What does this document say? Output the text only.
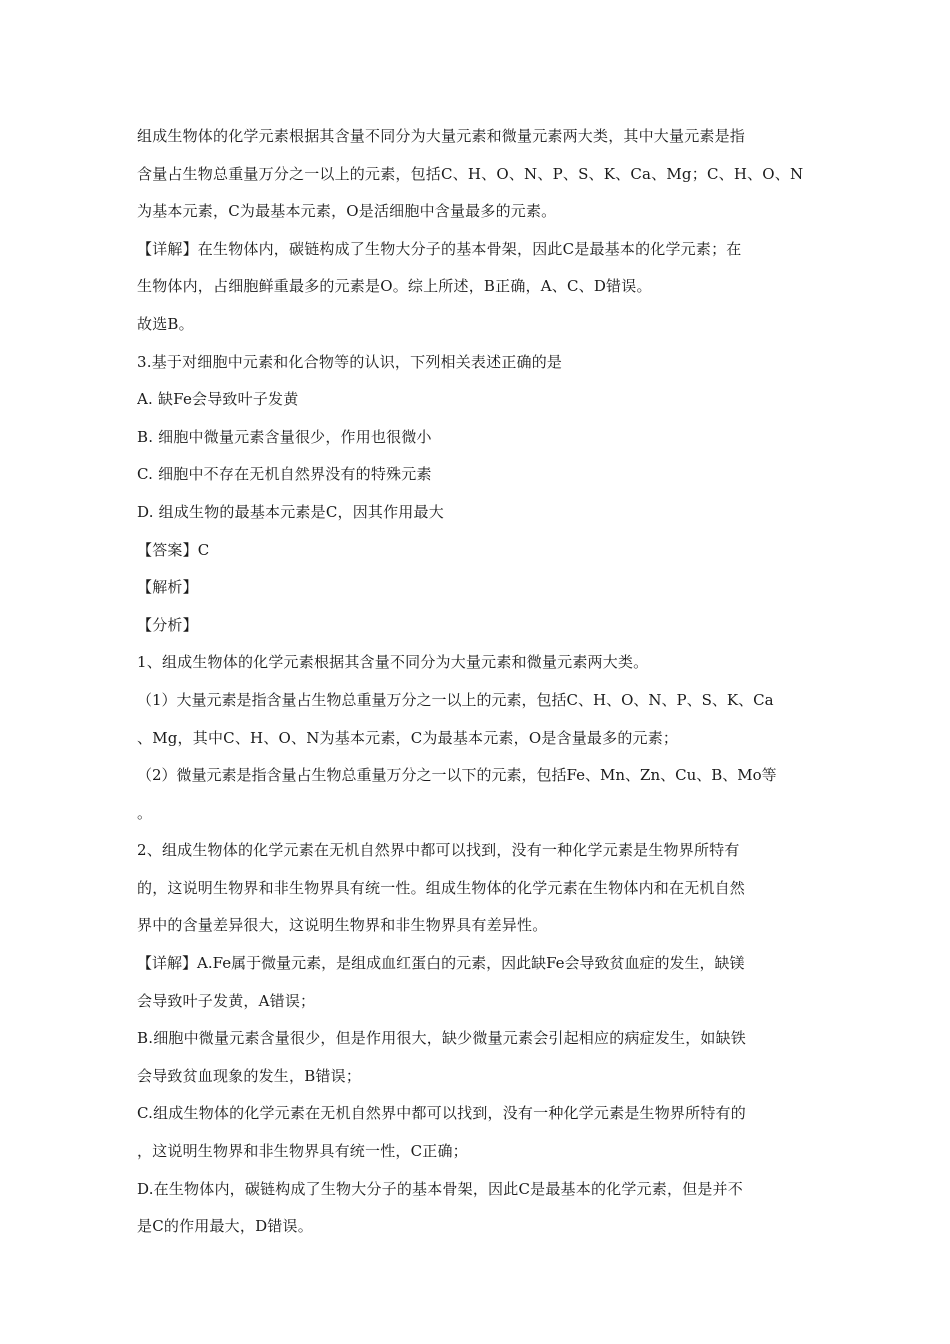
组成生物体的化学元素根据其含量不同分为大量元素和微量元素两大类，其中大量元素是指
含量占生物总重量万分之一以上的元素，包括C、H、O、N、P、S、K、Ca、Mg；C、H、O、N
为基本元素，C为最基本元素，O是活细胞中含量最多的元素。
【详解】在生物体内，碳链构成了生物大分子的基本骨架，因此C是最基本的化学元素；在
生物体内，占细胞鲜重最多的元素是O。综上所述，B正确，A、C、D错误。
故选B。
3.基于对细胞中元素和化合物等的认识，下列相关表述正确的是
A. 缺Fe会导致叶子发黄
B. 细胞中微量元素含量很少，作用也很微小
C. 细胞中不存在无机自然界没有的特殊元素
D. 组成生物的最基本元素是C，因其作用最大
【答案】C
【解析】
【分析】
1、组成生物体的化学元素根据其含量不同分为大量元素和微量元素两大类。
（1）大量元素是指含量占生物总重量万分之一以上的元素，包括C、H、O、N、P、S、K、Ca
、Mg，其中C、H、O、N为基本元素，C为最基本元素，O是含量最多的元素；
（2）微量元素是指含量占生物总重量万分之一以下的元素，包括Fe、Mn、Zn、Cu、B、Mo等
。
2、组成生物体的化学元素在无机自然界中都可以找到，没有一种化学元素是生物界所特有
的，这说明生物界和非生物界具有统一性。组成生物体的化学元素在生物体内和在无机自然
界中的含量差异很大，这说明生物界和非生物界具有差异性。
【详解】A.Fe属于微量元素，是组成血红蛋白的元素，因此缺Fe会导致贫血症的发生，缺镁
会导致叶子发黄，A错误；
B.细胞中微量元素含量很少，但是作用很大，缺少微量元素会引起相应的病症发生，如缺铁
会导致贫血现象的发生，B错误；
C.组成生物体的化学元素在无机自然界中都可以找到，没有一种化学元素是生物界所特有的
，这说明生物界和非生物界具有统一性，C正确；
D.在生物体内，碳链构成了生物大分子的基本骨架，因此C是最基本的化学元素，但是并不
是C的作用最大，D错误。
